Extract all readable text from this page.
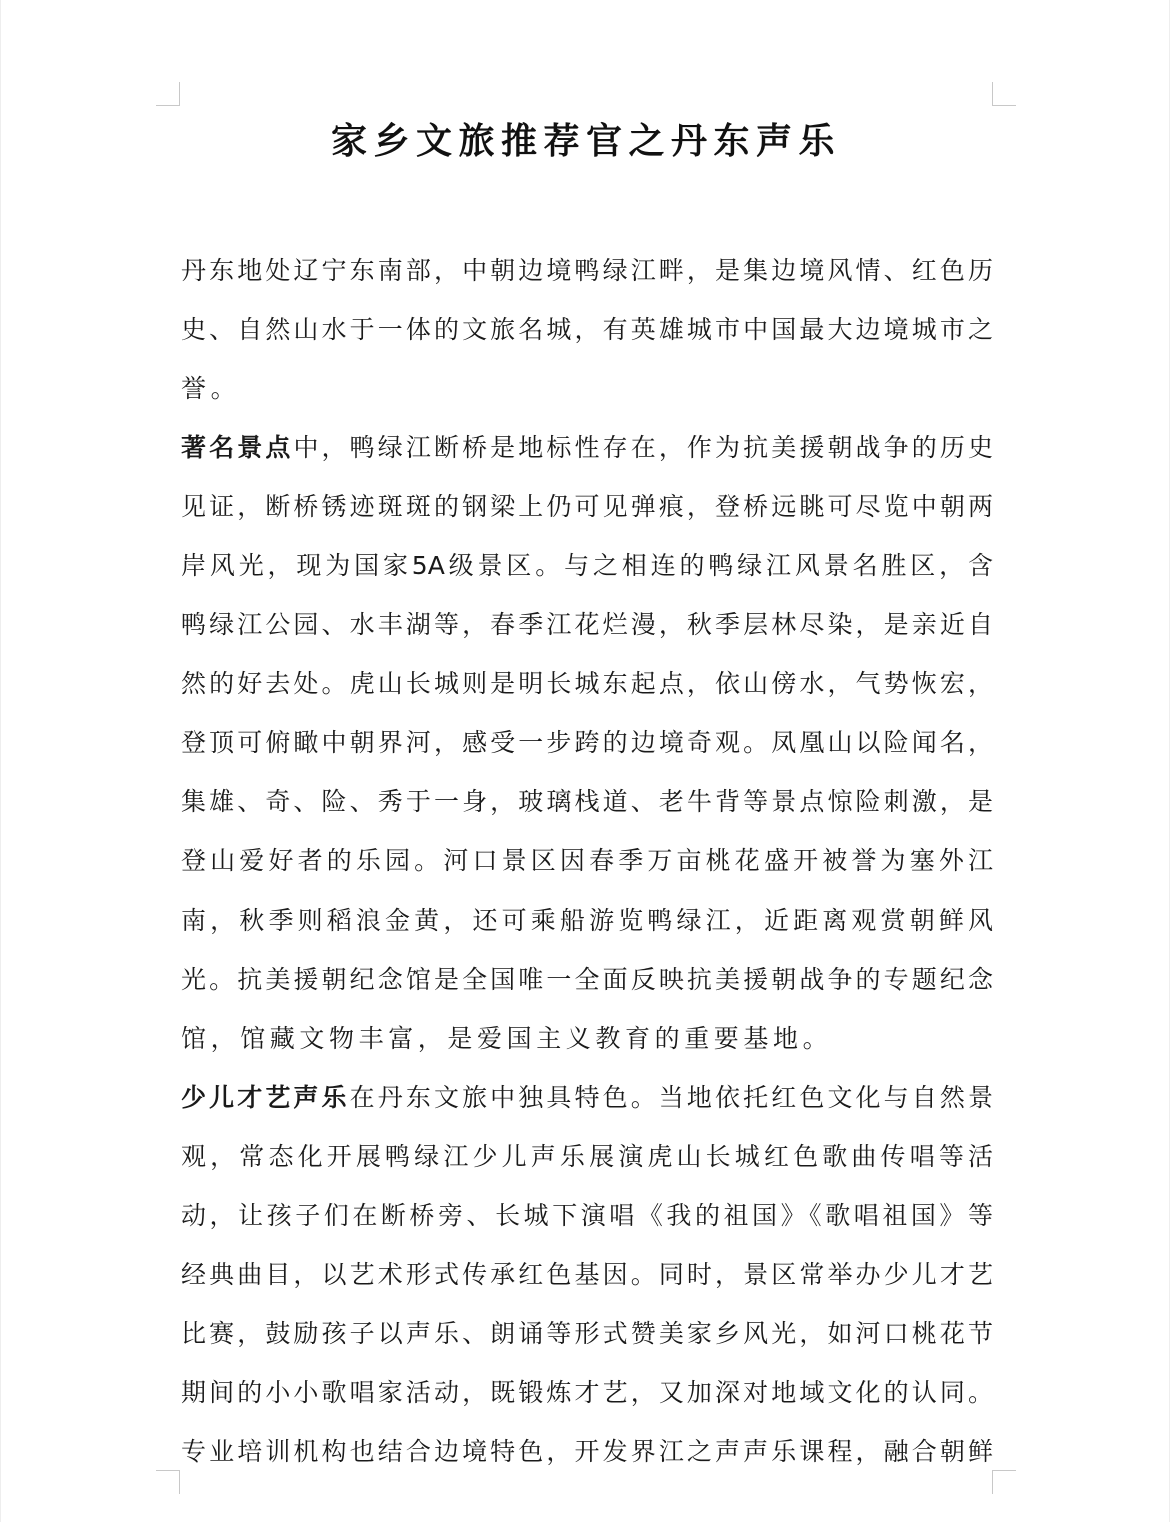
家乡文旅推荐官之丹东声乐
丹东地处辽宁东南部，中朝边境鸭绿江畔，是集边境风情、红色历
史、自然山水于一体的文旅名城，有英雄城市中国最大边境城市之
誉。
著名景点中，鸭绿江断桥是地标性存在，作为抗美援朝战争的历史
见证，断桥锈迹斑斑的钢梁上仍可见弹痕，登桥远眺可尽览中朝两
岸风光，现为国家5A级景区。与之相连的鸭绿江风景名胜区，含
鸭绿江公园、水丰湖等，春季江花烂漫，秋季层林尽染，是亲近自
然的好去处。虎山长城则是明长城东起点，依山傍水，气势恢宏，
登顶可俯瞰中朝界河，感受一步跨的边境奇观。凤凰山以险闻名，
集雄、奇、险、秀于一身，玻璃栈道、老牛背等景点惊险刺激，是
登山爱好者的乐园。河口景区因春季万亩桃花盛开被誉为塞外江
南，秋季则稻浪金黄，还可乘船游览鸭绿江，近距离观赏朝鲜风
光。抗美援朝纪念馆是全国唯一全面反映抗美援朝战争的专题纪念
馆，馆藏文物丰富，是爱国主义教育的重要基地。
少儿才艺声乐在丹东文旅中独具特色。当地依托红色文化与自然景
观，常态化开展鸭绿江少儿声乐展演虎山长城红色歌曲传唱等活
动，让孩子们在断桥旁、长城下演唱《我的祖国》《歌唱祖国》等
经典曲目，以艺术形式传承红色基因。同时，景区常举办少儿才艺
比赛，鼓励孩子以声乐、朗诵等形式赞美家乡风光，如河口桃花节
期间的小小歌唱家活动，既锻炼才艺，又加深对地域文化的认同。
专业培训机构也结合边境特色，开发界江之声声乐课程，融合朝鲜
